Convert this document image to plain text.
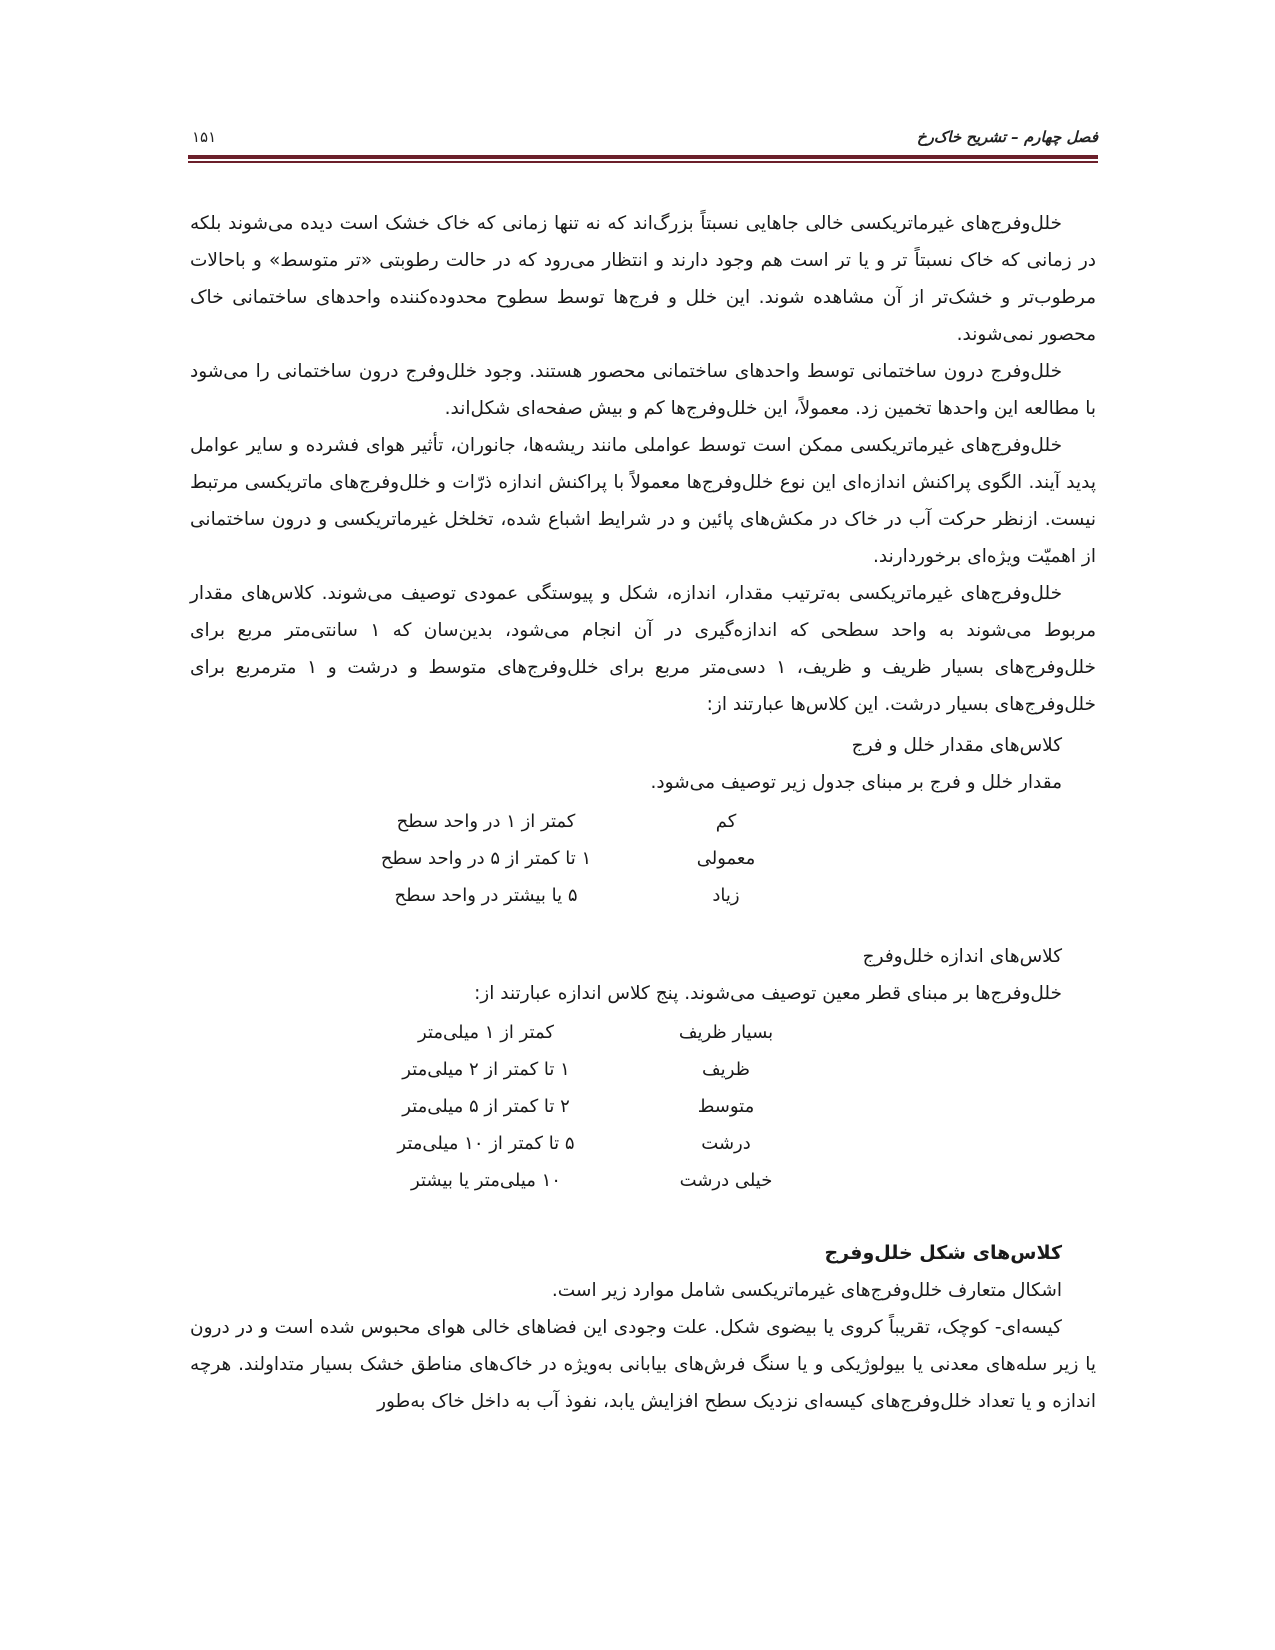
فصل چهارم – تشریح خاک‌رخ
۱۵۱

خلل‌وفرج‌های غیرماتریکسی خالی جاهایی نسبتاً بزرگ‌اند که نه تنها زمانی که خاک خشک است دیده می‌شوند بلکه در زمانی که خاک نسبتاً تر و یا تر است هم وجود دارند و انتظار می‌رود که در حالت رطوبتی «تر متوسط» و باحالات مرطوب‌تر و خشک‌تر از آن مشاهده شوند. این خلل و فرج‌ها توسط سطوح محدوده‌کننده واحدهای ساختمانی خاک محصور نمی‌شوند.

خلل‌وفرج درون ساختمانی توسط واحدهای ساختمانی محصور هستند. وجود خلل‌وفرج درون ساختمانی را می‌شود با مطالعه این واحدها تخمین زد. معمولاً، این خلل‌وفرج‌ها کم و بیش صفحه‌ای شکل‌اند.

خلل‌وفرج‌های غیرماتریکسی ممکن است توسط عواملی مانند ریشه‌ها، جانوران، تأثیر هوای فشرده و سایر عوامل پدید آیند. الگوی پراکنش اندازه‌ای این نوع خلل‌وفرج‌ها معمولاً با پراکنش اندازه ذرّات و خلل‌وفرج‌های ماتریکسی مرتبط نیست. ازنظر حرکت آب در خاک در مکش‌های پائین و در شرایط اشباع شده، تخلخل غیرماتریکسی و درون ساختمانی از اهمیّت ویژه‌ای برخوردارند.

خلل‌وفرج‌های غیرماتریکسی به‌ترتیب مقدار، اندازه، شکل و پیوستگی عمودی توصیف می‌شوند. کلاس‌های مقدار مربوط می‌شوند به واحد سطحی که اندازه‌گیری در آن انجام می‌شود، بدین‌سان که ۱ سانتی‌متر مربع برای خلل‌وفرج‌های بسیار ظریف و ظریف، ۱ دسی‌متر مربع برای خلل‌وفرج‌های متوسط و درشت و ۱ مترمربع برای خلل‌وفرج‌های بسیار درشت. این کلاس‌ها عبارتند از:

کلاس‌های مقدار خلل و فرج
مقدار خلل و فرج بر مبنای جدول زیر توصیف می‌شود.
کم	کمتر از ۱ در واحد سطح
معمولی	۱ تا کمتر از ۵ در واحد سطح
زیاد	۵ یا بیشتر در واحد سطح
کلاس‌های اندازه خلل‌وفرج
خلل‌وفرج‌ها بر مبنای قطر معین توصیف می‌شوند. پنج کلاس اندازه عبارتند از:
بسیار ظریف	کمتر از ۱ میلی‌متر
ظریف	۱ تا کمتر از ۲ میلی‌متر
متوسط	۲ تا کمتر از ۵ میلی‌متر
درشت	۵ تا کمتر از ۱۰ میلی‌متر
خیلی درشت	۱۰ میلی‌متر یا بیشتر
کلاس‌های شکل خلل‌وفرج
اشکال متعارف خلل‌وفرج‌های غیرماتریکسی شامل موارد زیر است.

کیسه‌ای- کوچک، تقریباً کروی یا بیضوی شکل. علت وجودی این فضاهای خالی هوای محبوس شده است و در درون یا زیر سله‌های معدنی یا بیولوژیکی و یا سنگ فرش‌های بیابانی به‌ویژه در خاک‌های مناطق خشک بسیار متداولند. هرچه اندازه و یا تعداد خلل‌وفرج‌های کیسه‌ای نزدیک سطح افزایش یابد، نفوذ آب به داخل خاک به‌طور
